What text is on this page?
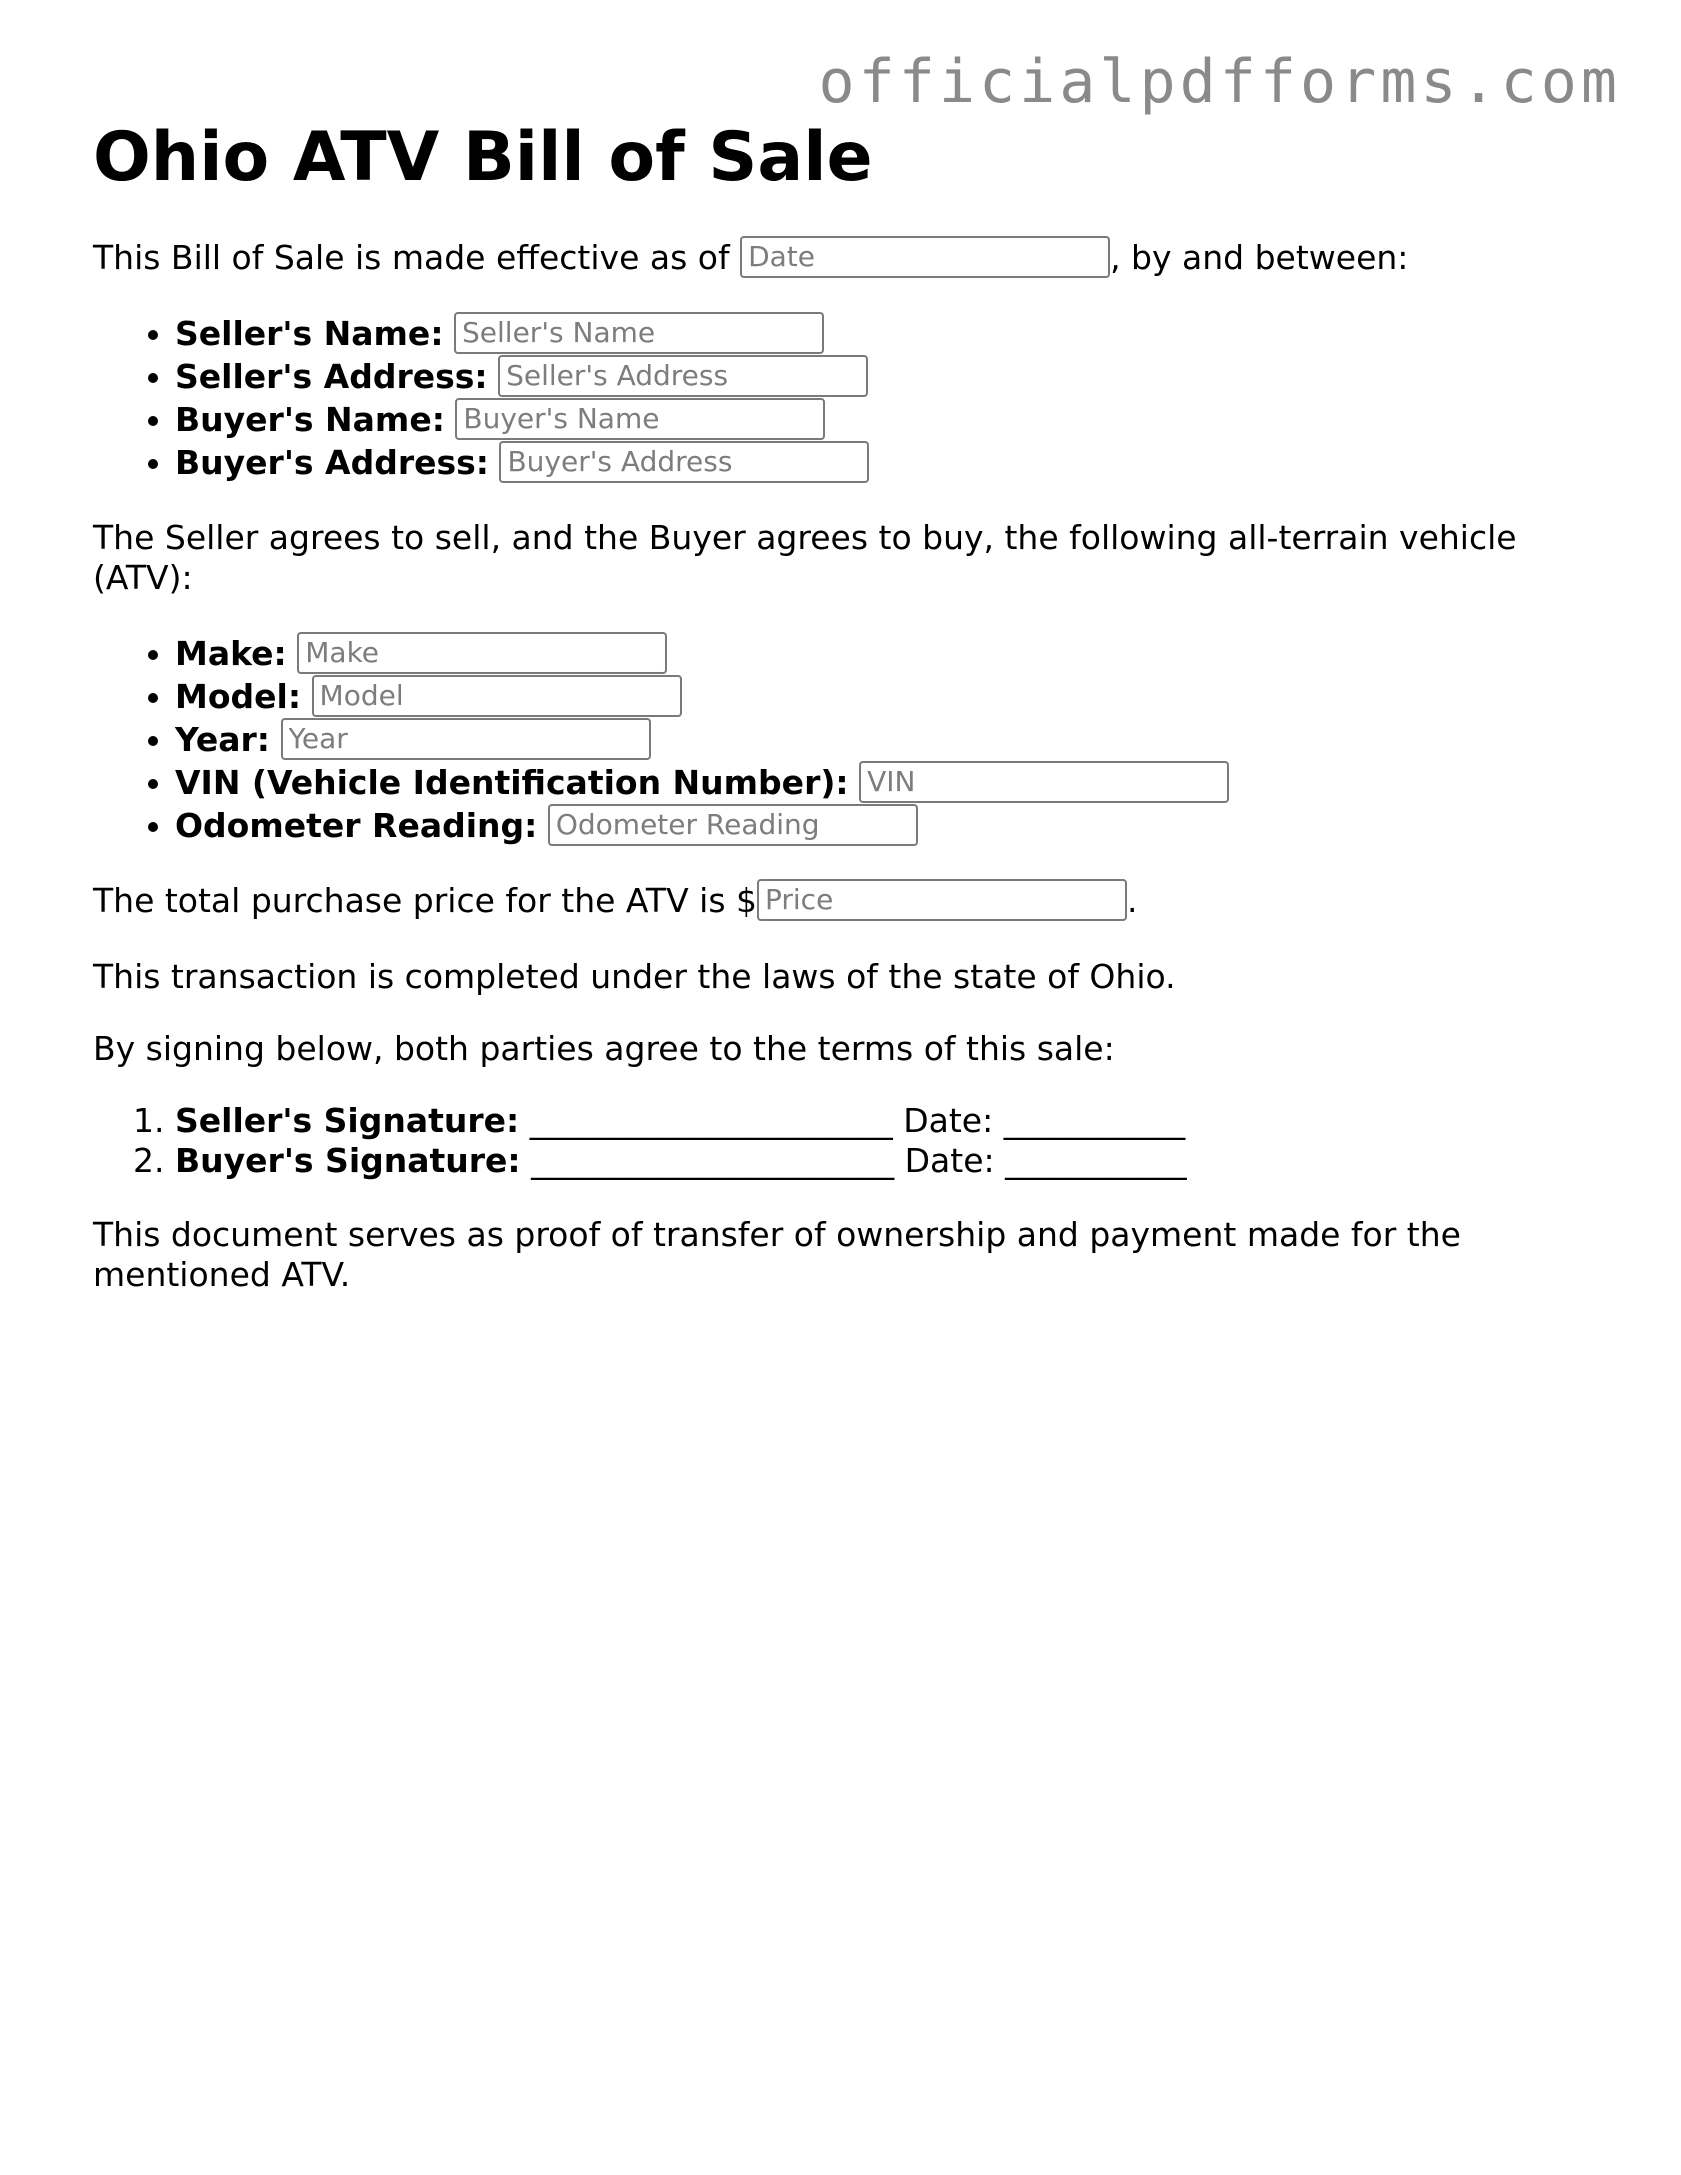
officialpdfforms.com
Ohio ATV Bill of Sale

This Bill of Sale is made effective as of Date	, by and between:

• Seller's Name: Seller's Name
• Seller's Address: Seller's Address
• Buyer's Name: Buyer's Name
• Buyer's Address: Buyer's Address

The Seller agrees to sell, and the Buyer agrees to buy, the following all-terrain vehicle (ATV):

• Make: Make
• Model: Model
• Year: Year
• VIN (Vehicle Identification Number): VIN
• Odometer Reading: Odometer Reading

The total purchase price for the ATV is $Price	.

This transaction is completed under the laws of the state of Ohio.

By signing below, both parties agree to the terms of this sale:

1. Seller's Signature: ______________________ Date: ___________
2. Buyer's Signature: ______________________ Date: ___________

This document serves as proof of transfer of ownership and payment made for the mentioned ATV.
